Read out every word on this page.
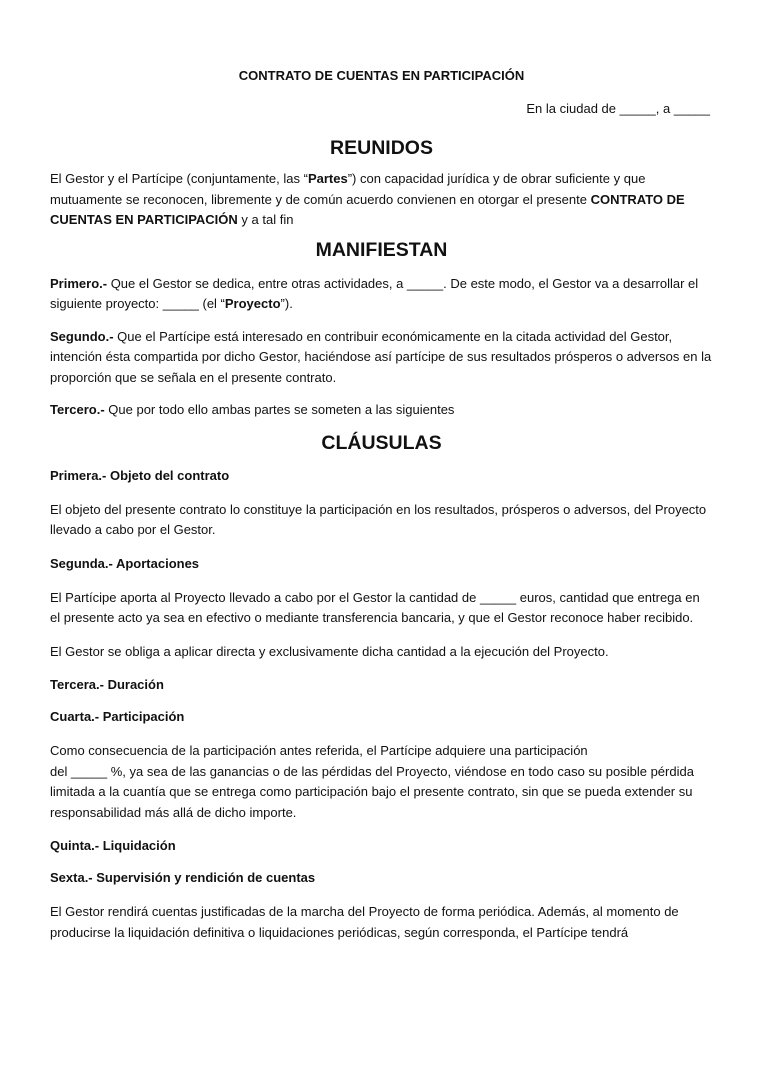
CONTRATO DE CUENTAS EN PARTICIPACIÓN

En la ciudad de _____, a _____

REUNIDOS

El Gestor y el Partícipe (conjuntamente, las “Partes”) con capacidad jurídica y de obrar suficiente y que mutuamente se reconocen, libremente y de común acuerdo convienen en otorgar el presente CONTRATO DE CUENTAS EN PARTICIPACIÓN y a tal fin

MANIFIESTAN

Primero.- Que el Gestor se dedica, entre otras actividades, a _____. De este modo, el Gestor va a desarrollar el siguiente proyecto: _____ (el “Proyecto”).

Segundo.- Que el Partícipe está interesado en contribuir económicamente en la citada actividad del Gestor, intención ésta compartida por dicho Gestor, haciéndose así partícipe de sus resultados prósperos o adversos en la proporción que se señala en el presente contrato.

Tercero.- Que por todo ello ambas partes se someten a las siguientes

CLÁUSULAS

Primera.- Objeto del contrato

El objeto del presente contrato lo constituye la participación en los resultados, prósperos o adversos, del Proyecto llevado a cabo por el Gestor.

Segunda.- Aportaciones

El Partícipe aporta al Proyecto llevado a cabo por el Gestor la cantidad de _____ euros, cantidad que entrega en el presente acto ya sea en efectivo o mediante transferencia bancaria, y que el Gestor reconoce haber recibido.

El Gestor se obliga a aplicar directa y exclusivamente dicha cantidad a la ejecución del Proyecto.

Tercera.- Duración

Cuarta.- Participación

Como consecuencia de la participación antes referida, el Partícipe adquiere una participación
del _____ %, ya sea de las ganancias o de las pérdidas del Proyecto, viéndose en todo caso su posible pérdida limitada a la cuantía que se entrega como participación bajo el presente contrato, sin que se pueda extender su responsabilidad más allá de dicho importe.

Quinta.- Liquidación

Sexta.- Supervisión y rendición de cuentas

El Gestor rendirá cuentas justificadas de la marcha del Proyecto de forma periódica. Además, al momento de producirse la liquidación definitiva o liquidaciones periódicas, según corresponda, el Partícipe tendrá
